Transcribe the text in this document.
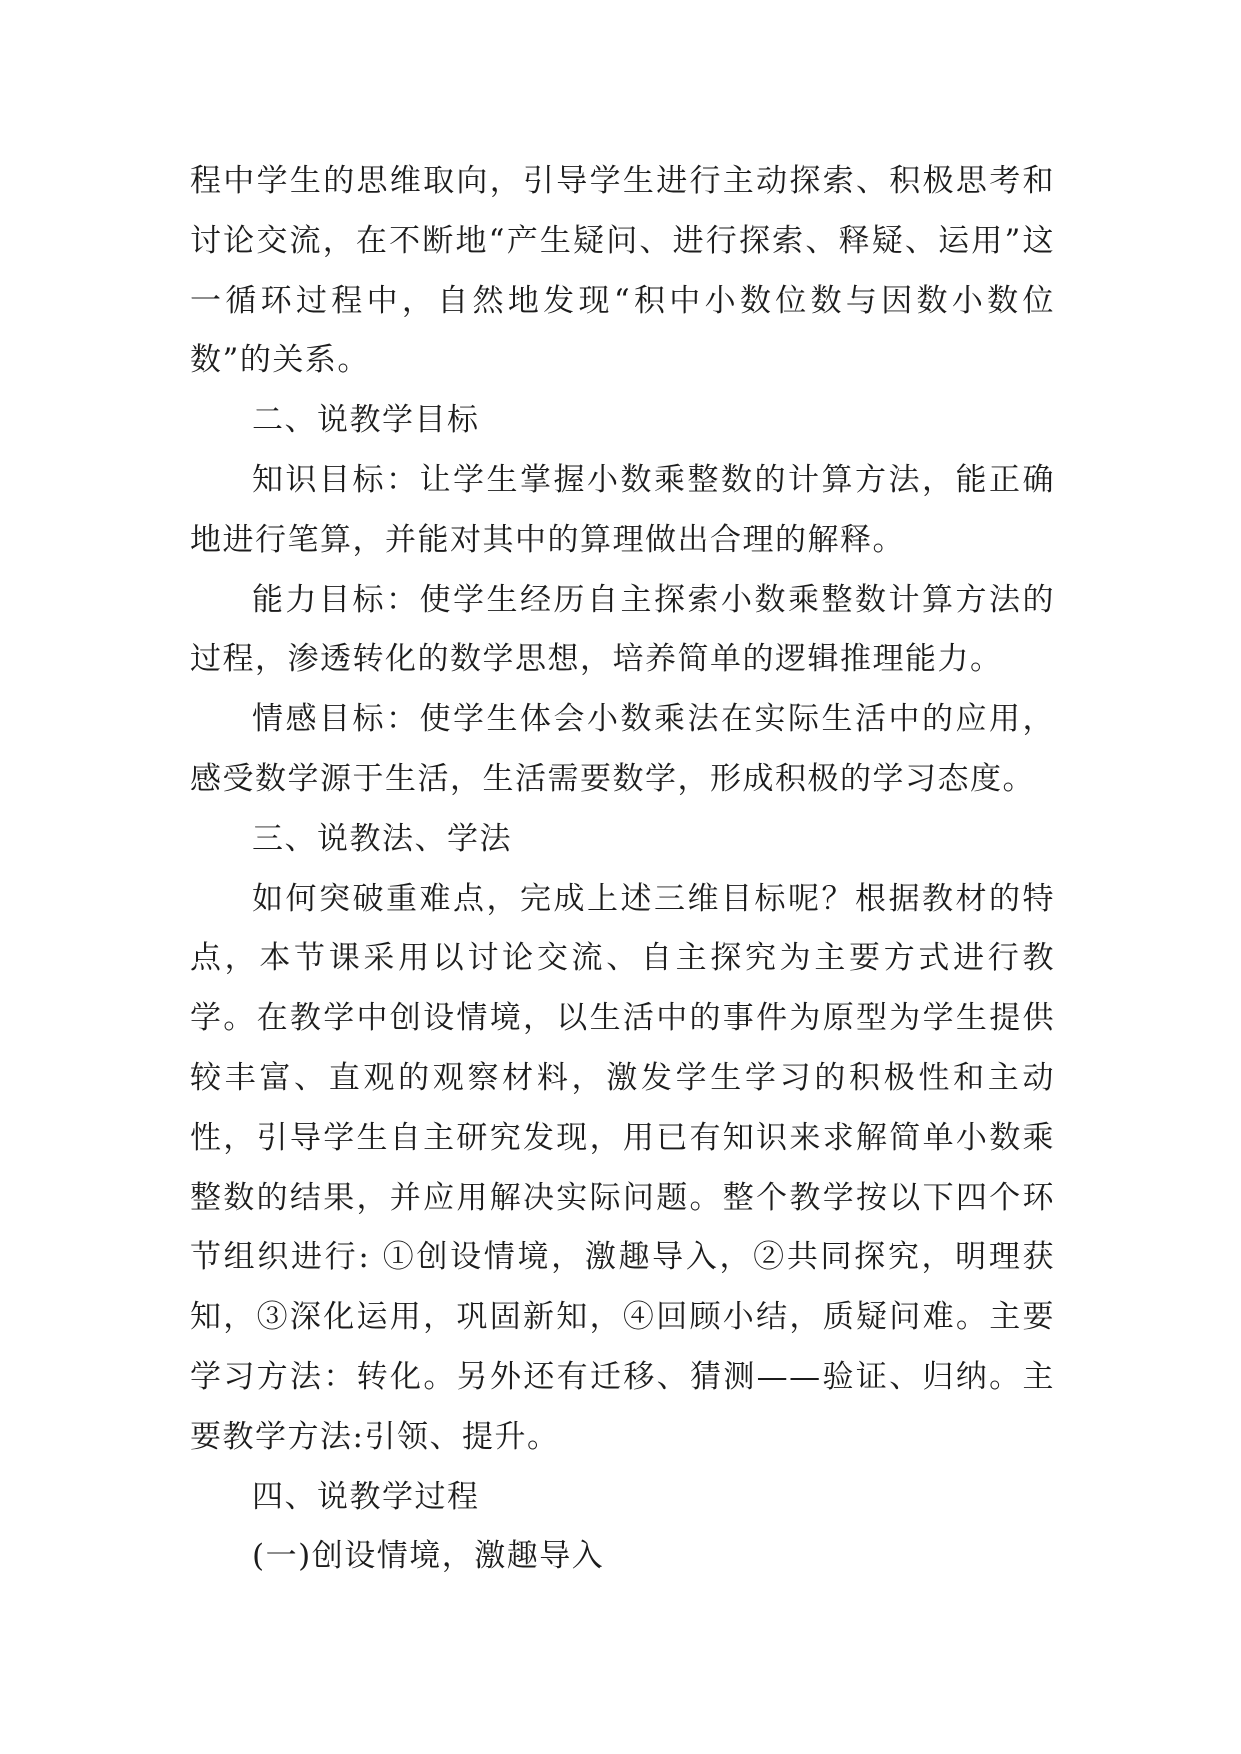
程中学生的思维取向，引导学生进行主动探索、积极思考和讨论交流，在不断地“产生疑问、进行探索、释疑、运用”这一循环过程中，自然地发现“积中小数位数与因数小数位数”的关系。

二、说教学目标

知识目标：让学生掌握小数乘整数的计算方法，能正确地进行笔算，并能对其中的算理做出合理的解释。

能力目标：使学生经历自主探索小数乘整数计算方法的过程，渗透转化的数学思想，培养简单的逻辑推理能力。

情感目标：使学生体会小数乘法在实际生活中的应用，感受数学源于生活，生活需要数学，形成积极的学习态度。

三、说教法、学法

如何突破重难点，完成上述三维目标呢？根据教材的特点，本节课采用以讨论交流、自主探究为主要方式进行教学。在教学中创设情境，以生活中的事件为原型为学生提供较丰富、直观的观察材料，激发学生学习的积极性和主动性，引导学生自主研究发现，用已有知识来求解简单小数乘整数的结果，并应用解决实际问题。整个教学按以下四个环节组织进行: ①创设情境，激趣导入，②共同探究，明理获知，③深化运用，巩固新知，④回顾小结，质疑问难。主要学习方法：转化。另外还有迁移、猜测——验证、归纳。主要教学方法:引领、提升。

四、说教学过程

(一)创设情境，激趣导入
